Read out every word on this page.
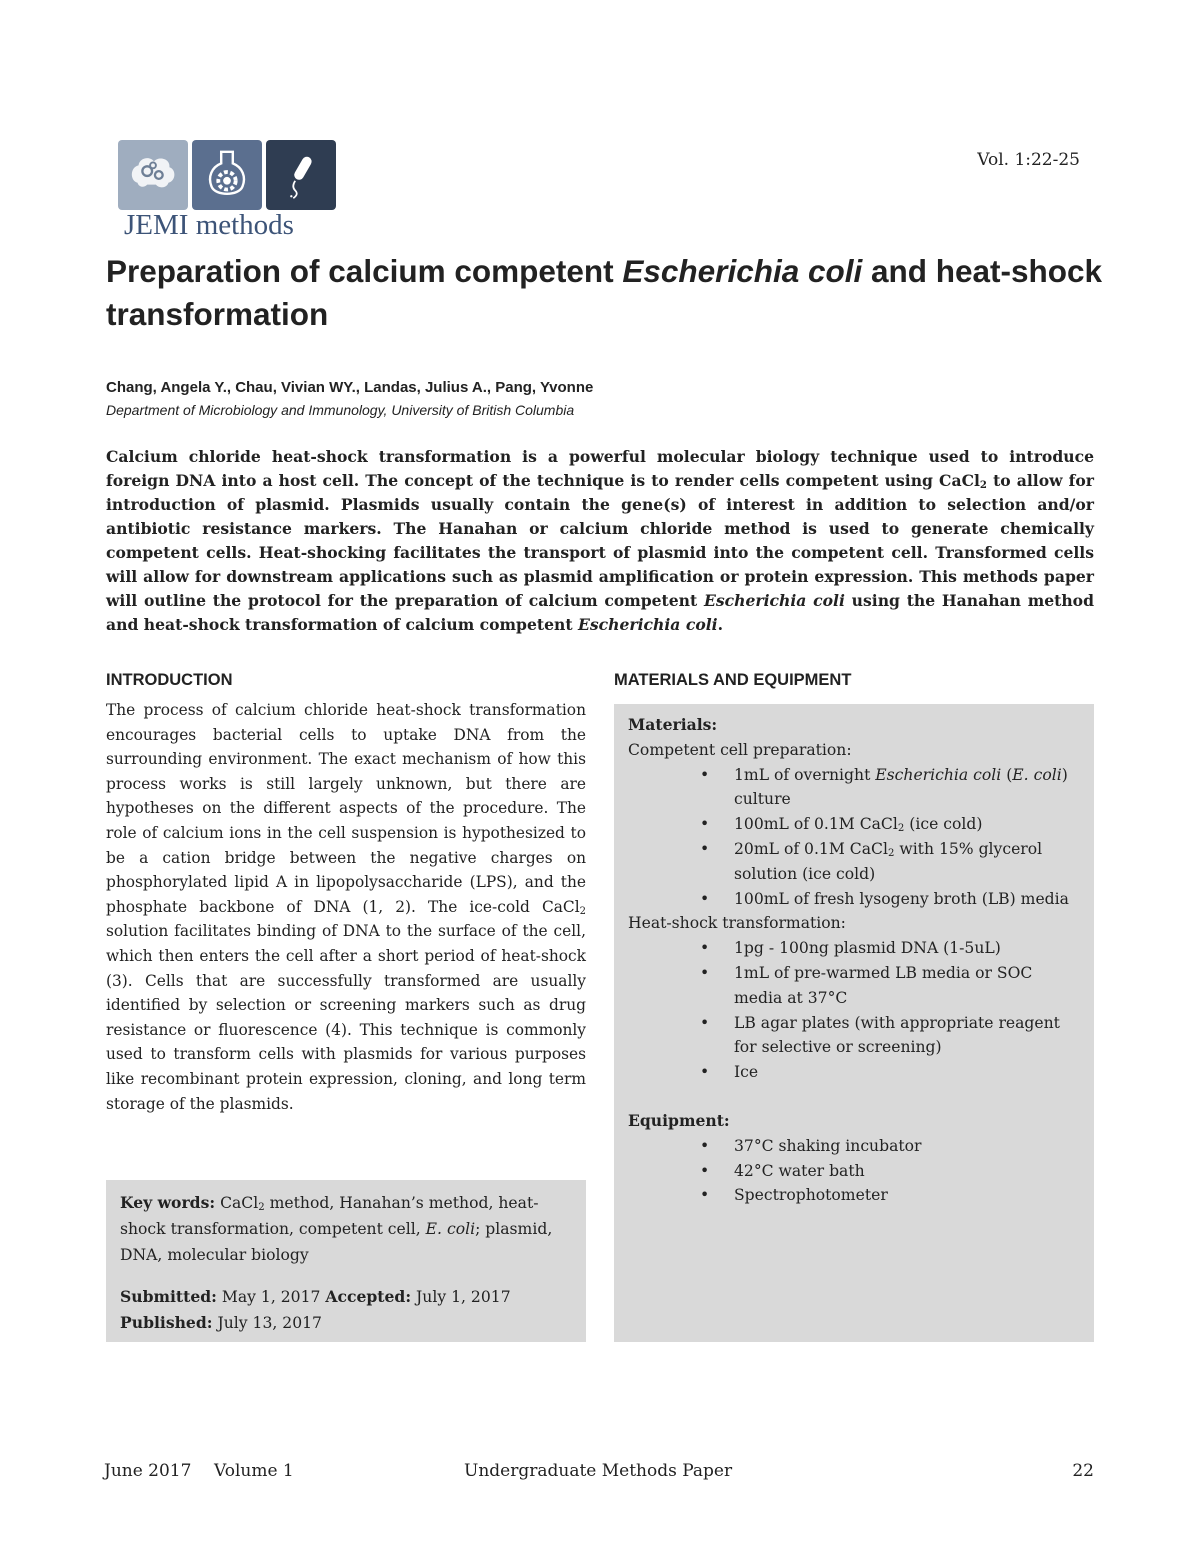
JEMI methods
Vol. 1:22-25
Preparation of calcium competent Escherichia coli and heat-shock transformation
Chang, Angela Y., Chau, Vivian WY., Landas, Julius A., Pang, Yvonne
Department of Microbiology and Immunology, University of British Columbia

Calcium chloride heat-shock transformation is a powerful molecular biology technique used to introduce foreign DNA into a host cell. The concept of the technique is to render cells competent using CaCl$_2$ to allow for introduction of plasmid. Plasmids usually contain the gene(s) of interest in addition to selection and/or antibiotic resistance markers. The Hanahan or calcium chloride method is used to generate chemically competent cells. Heat-shocking facilitates the transport of plasmid into the competent cell. Transformed cells will allow for downstream applications such as plasmid amplification or protein expression. This methods paper will outline the protocol for the preparation of calcium competent Escherichia coli using the Hanahan method and heat-shock transformation of calcium competent Escherichia coli.

INTRODUCTION	MATERIALS AND EQUIPMENT

The process of calcium chloride heat-shock transformation encourages bacterial cells to uptake DNA from the surrounding environment. The exact mechanism of how this process works is still largely unknown, but there are hypotheses on the different aspects of the procedure. The role of calcium ions in the cell suspension is hypothesized to be a cation bridge between the negative charges on phosphorylated lipid A in lipopolysaccharide (LPS), and the phosphate backbone of DNA (1, 2). The ice-cold CaCl$_2$ solution facilitates binding of DNA to the surface of the cell, which then enters the cell after a short period of heat-shock (3). Cells that are successfully transformed are usually identified by selection or screening markers such as drug resistance or fluorescence (4). This technique is commonly used to transform cells with plasmids for various purposes like recombinant protein expression, cloning, and long term storage of the plasmids.

Key words: CaCl$_2$ method, Hanahan’s method, heat-shock transformation, competent cell, E. coli; plasmid, DNA, molecular biology

Submitted: May 1, 2017 Accepted: July 1, 2017
Published: July 13, 2017

Materials:

Competent cell preparation:

• 1mL of overnight Escherichia coli (E. coli) culture
• 100mL of 0.1M CaCl$_2$ (ice cold)
• 20mL of 0.1M CaCl$_2$ with 15% glycerol solution (ice cold)
• 100mL of fresh lysogeny broth (LB) media

Heat-shock transformation:

• 1pg - 100ng plasmid DNA (1-5uL)
• 1mL of pre-warmed LB media or SOC media at 37°C
• LB agar plates (with appropriate reagent for selective or screening)
• Ice

Equipment:

• 37°C shaking incubator
• 42°C water bath
• Spectrophotometer
June 2017 Volume 1	Undergraduate Methods Paper	22
